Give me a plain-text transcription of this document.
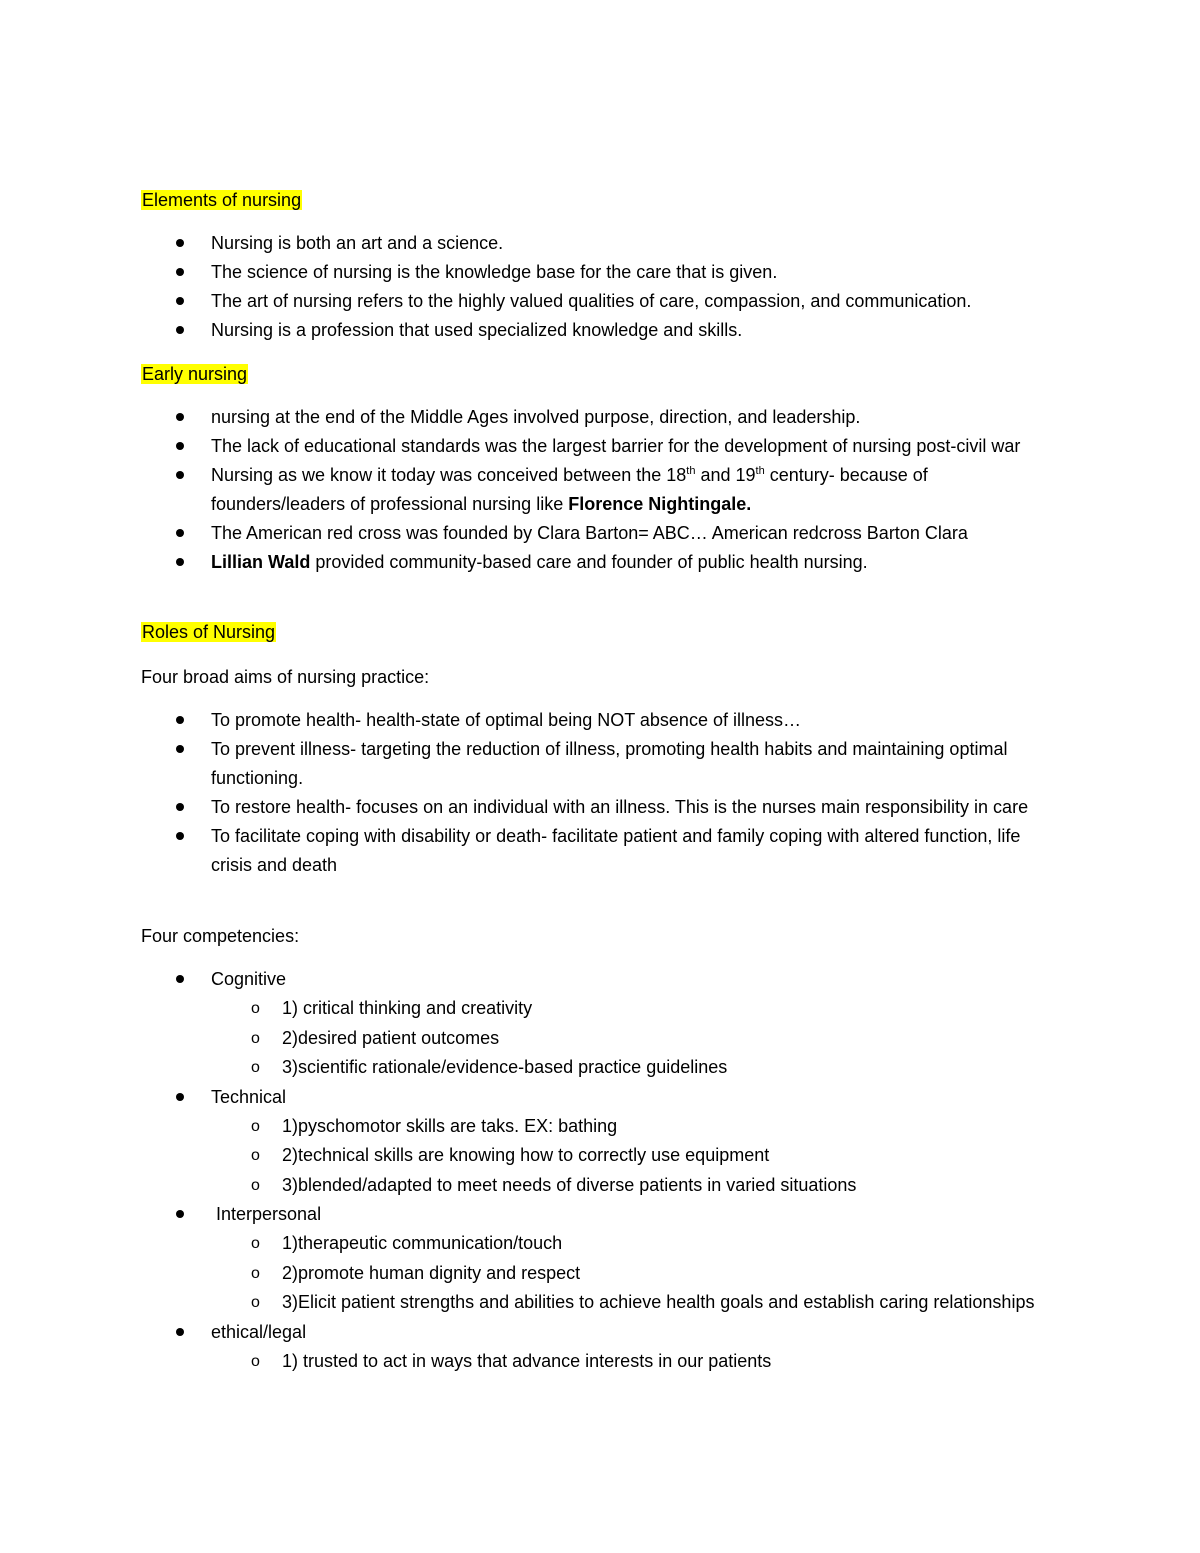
Elements of nursing
Nursing is both an art and a science.
The science of nursing is the knowledge base for the care that is given.
The art of nursing refers to the highly valued qualities of care, compassion, and communication.
Nursing is a profession that used specialized knowledge and skills.
Early nursing
nursing at the end of the Middle Ages involved purpose, direction, and leadership.
The lack of educational standards was the largest barrier for the development of nursing post-civil war
Nursing as we know it today was conceived between the 18th and 19th century- because of founders/leaders of professional nursing like Florence Nightingale.
The American red cross was founded by Clara Barton= ABC… American redcross Barton Clara
Lillian Wald provided community-based care and founder of public health nursing.
Roles of Nursing

Four broad aims of nursing practice:

To promote health- health-state of optimal being NOT absence of illness…
To prevent illness- targeting the reduction of illness, promoting health habits and maintaining optimal functioning.
To restore health- focuses on an individual with an illness. This is the nurses main responsibility in care
To facilitate coping with disability or death- facilitate patient and family coping with altered function, life crisis and death

Four competencies:

Cognitive
o 1) critical thinking and creativity
o 2)desired patient outcomes
o 3)scientific rationale/evidence-based practice guidelines
Technical
o 1)pyschomotor skills are taks. EX: bathing
o 2)technical skills are knowing how to correctly use equipment
o 3)blended/adapted to meet needs of diverse patients in varied situations
Interpersonal
o 1)therapeutic communication/touch
o 2)promote human dignity and respect
o 3)Elicit patient strengths and abilities to achieve health goals and establish caring relationships
ethical/legal
o 1) trusted to act in ways that advance interests in our patients
